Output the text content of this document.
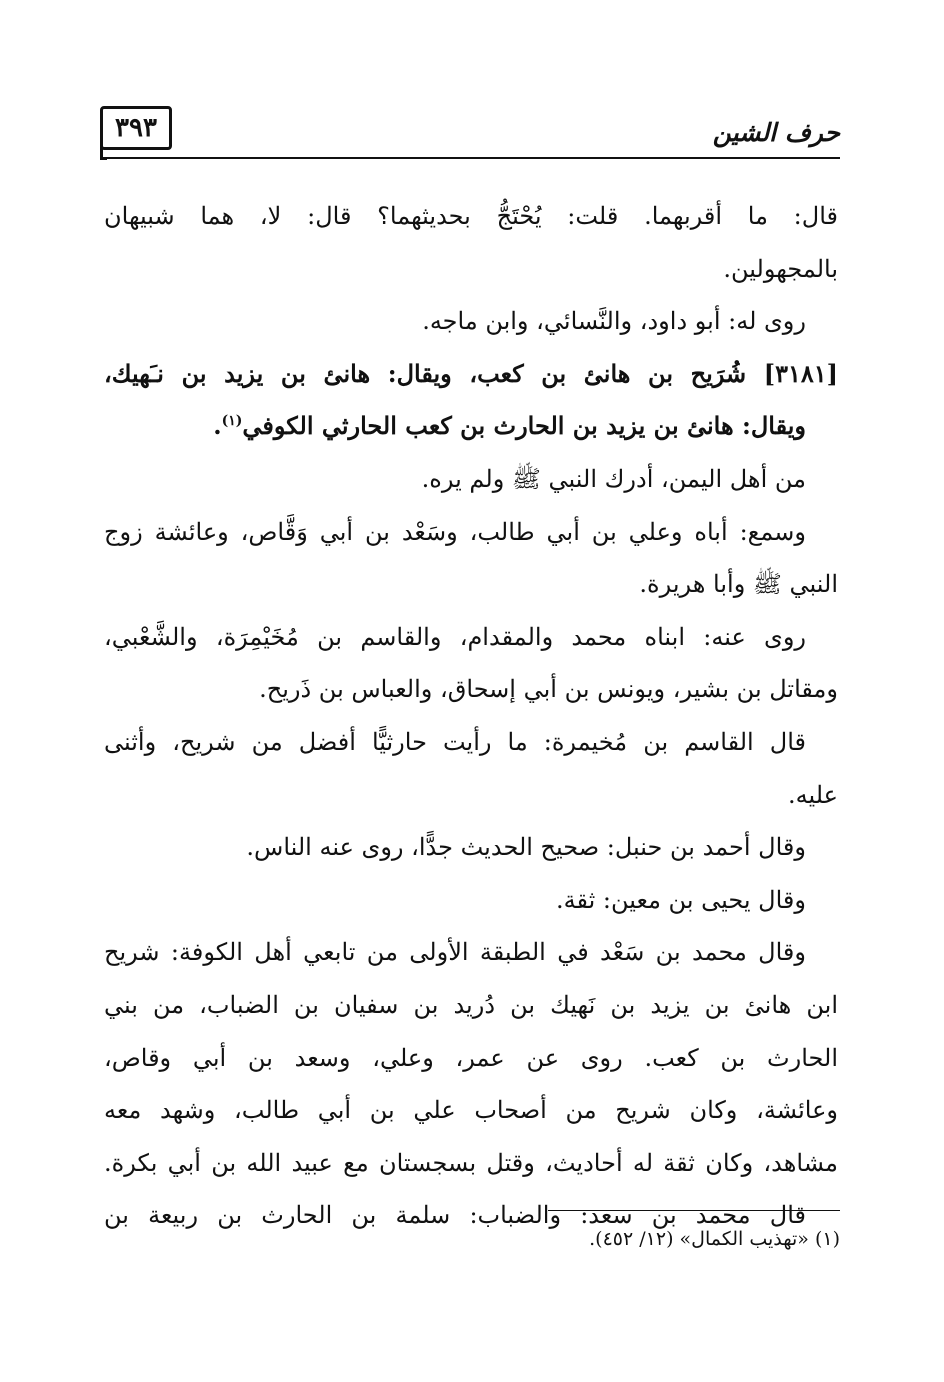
٣٩٣	حرف الشين
قال: ما أقربهما. قلت: يُحْتَجُّ بحديثهما؟ قال: لا، هما شبيهان
بالمجهولين.
روى له: أبو داود، والنَّسائي، وابن ماجه.
[٣١٨١] شُرَيح بن هانئ بن كعب، ويقال: هانئ بن يزيد بن نـَهيك،
ويقال: هانئ بن يزيد بن الحارث بن كعب الحارثي الكوفي$^{(١)}$.
من أهل اليمن، أدرك النبي ﷺ ولم يره.
وسمع: أباه وعلي بن أبي طالب، وسَعْد بن أبي وَقَّاص، وعائشة زوج
النبي ﷺ وأبا هريرة.
روى عنه: ابناه محمد والمقدام، والقاسم بن مُخَيْمِرَة، والشَّعْبي،
ومقاتل بن بشير، ويونس بن أبي إسحاق، والعباس بن ذَريح.
قال القاسم بن مُخيمرة: ما رأيت حارثيًّا أفضل من شريح، وأثنى
عليه.
وقال أحمد بن حنبل: صحيح الحديث جدًّا، روى عنه الناس.
وقال يحيى بن معين: ثقة.
وقال محمد بن سَعْد في الطبقة الأولى من تابعي أهل الكوفة: شريح
ابن هانئ بن يزيد بن نَهيك بن دُريد بن سفيان بن الضباب، من بني
الحارث بن كعب. روى عن عمر، وعلي، وسعد بن أبي وقاص،
وعائشة، وكان شريح من أصحاب علي بن أبي طالب، وشهد معه
مشاهد، وكان ثقة له أحاديث، وقتل بسجستان مع عبيد الله بن أبي بكرة.
قال محمد بن سعد: والضباب: سلمة بن الحارث بن ربيعة بن
(١) «تهذيب الكمال» (١٢/ ٤٥٢).
